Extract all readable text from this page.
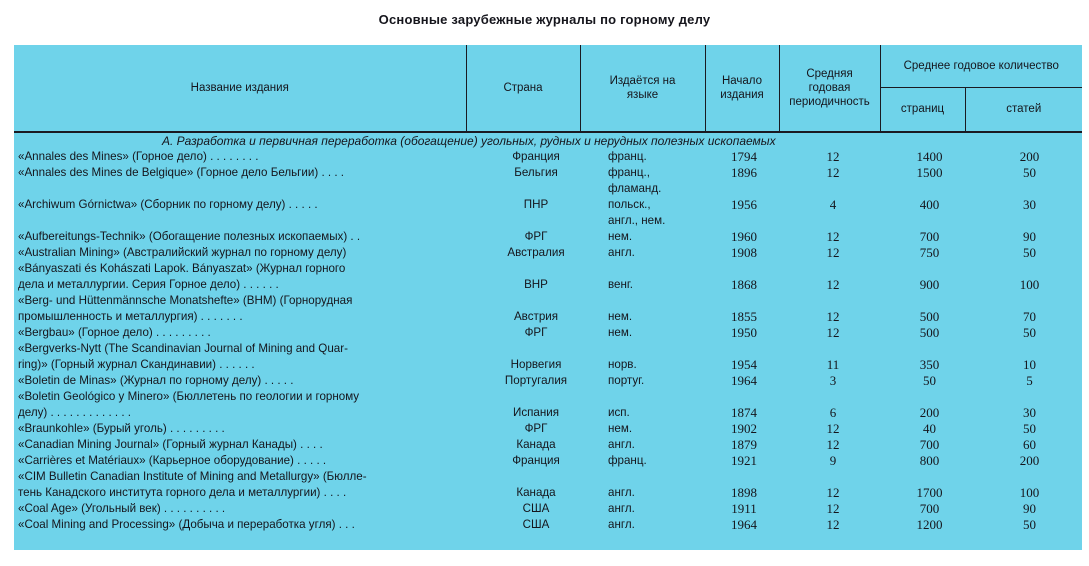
Основные зарубежные журналы по горному делу
Название издания	Страна	Издаётся на языке	Начало издания	Средняя годовая периодичность	Среднее годовое количество	
					страниц	статей
А. Разработка и первичная переработка (обогащение) угольных, рудных и нерудных полезных ископаемых
«Annales des Mines» (Горное дело) . . . . . . . .	Франция	франц.	1794	12	1400	200

«Annales des Mines de Belgique» (Горное дело Бельгии) . . . .	Бельгия	франц., фламанд.	1896	12	1500	50

«Archiwum Górnictwa» (Сборник по горному делу) . . . . .	ПНР	польск., англ., нем.	1956	4	400	30

«Aufbereitungs-Technik» (Обогащение полезных ископаемых) . .	ФРГ	нем.	1960	12	700	90

«Australian Mining» (Австралийский журнал по горному делу)	Австралия	англ.	1908	12	750	50

«Bányaszati és Kohászati Lapok. Bányaszat» (Журнал горного
дела и металлургии. Серия Горное дело) . . . . . .	ВНР	венг.	1868	12	900	100

«Berg- und Hüttenmännsche Monatshefte» (BHM) (Горнорудная
промышленность и металлургия) . . . . . . .	Австрия	нем.	1855	12	500	70

«Bergbau» (Горное дело) . . . . . . . . .	ФРГ	нем.	1950	12	500	50

«Bergverks-Nytt (The Scandinavian Journal of Mining and Quar-
ring)» (Горный журнал Скандинавии) . . . . . .	Норвегия	норв.	1954	11	350	10

«Boletin de Minas» (Журнал по горному делу) . . . . .	Португалия	португ.	1964	3	50	5

«Boletin Geológico y Minero» (Бюллетень по геологии и горному
делу) . . . . . . . . . . . . .	Испания	исп.	1874	6	200	30

«Braunkohle» (Бурый уголь) . . . . . . . . .	ФРГ	нем.	1902	12	40	50

«Canadian Mining Journal» (Горный журнал Канады) . . . .	Канада	англ.	1879	12	700	60

«Carrières et Matériaux» (Карьерное оборудование) . . . . .	Франция	франц.	1921	9	800	200

«CIM Bulletin Canadian Institute of Mining and Metallurgy» (Бюлле-
тень Канадского института горного дела и металлургии) . . . .	Канада	англ.	1898	12	1700	100

«Coal Age» (Угольный век) . . . . . . . . . .	США	англ.	1911	12	700	90

«Coal Mining and Processing» (Добыча и переработка угля) . . .	США	англ.	1964	12	1200	50
